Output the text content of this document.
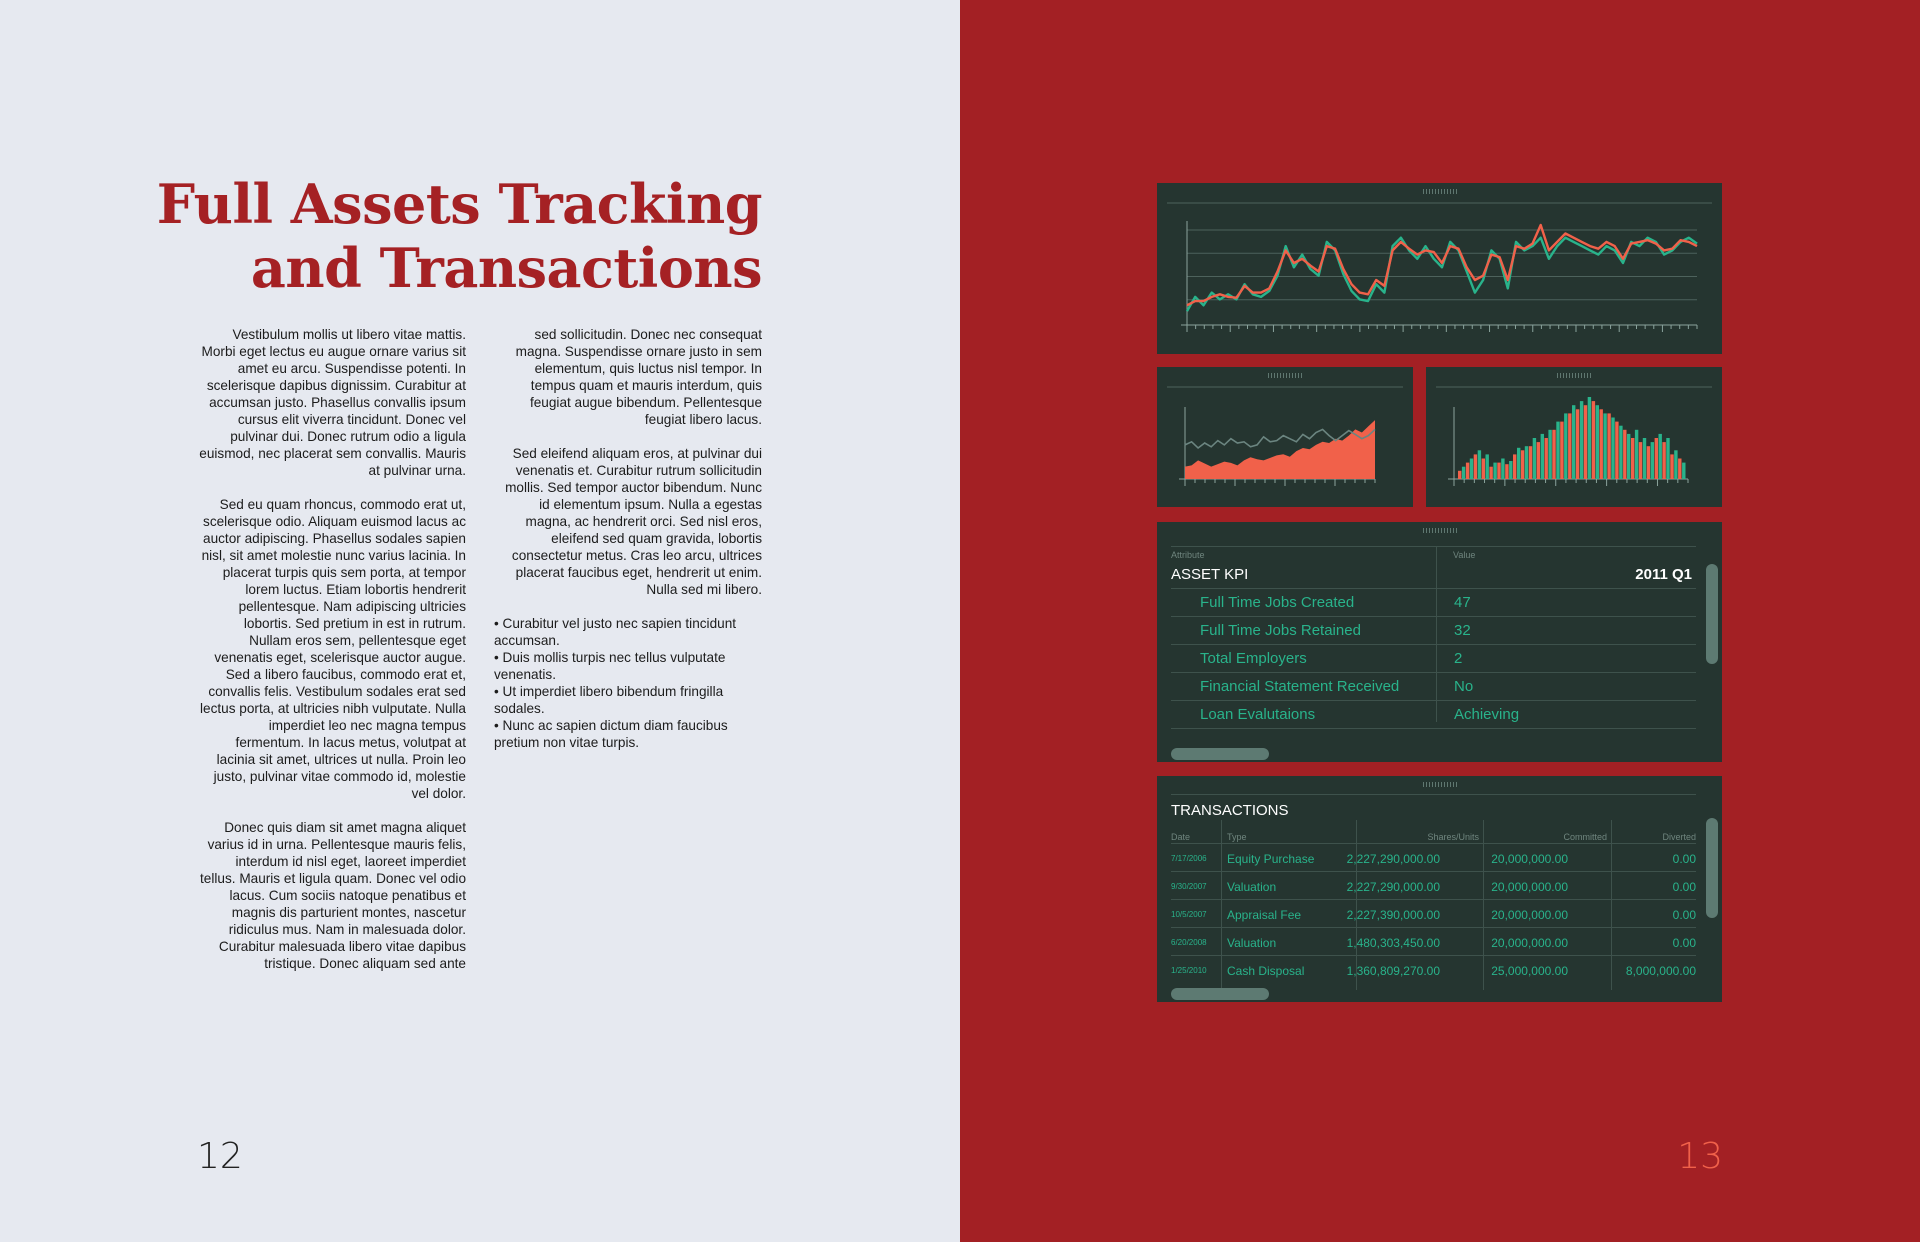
Full Assets Tracking
and Transactions

Vestibulum mollis ut libero vitae mattis. Morbi eget lectus eu augue ornare varius sit amet eu arcu. Suspendisse potenti. In scelerisque dapibus dignissim. Curabitur at accumsan justo. Phasellus convallis ipsum cursus elit viverra tincidunt. Donec vel pulvinar dui. Donec rutrum odio a ligula euismod, nec placerat sem convallis. Mauris at pulvinar urna.

Sed eu quam rhoncus, commodo erat ut, scelerisque odio. Aliquam euismod lacus ac auctor adipiscing. Phasellus sodales sapien nisl, sit amet molestie nunc varius lacinia. In placerat turpis quis sem porta, at tempor lorem luctus. Etiam lobortis hendrerit pellentesque. Nam adipiscing ultricies lobortis. Sed pretium in est in rutrum. Nullam eros sem, pellentesque eget venenatis eget, scelerisque auctor augue. Sed a libero faucibus, commodo erat et, convallis felis. Vestibulum sodales erat sed lectus porta, at ultricies nibh vulputate. Nulla imperdiet leo nec magna tempus fermentum. In lacus metus, volutpat at lacinia sit amet, ultrices ut nulla. Proin leo justo, pulvinar vitae commodo id, molestie vel dolor.

Donec quis diam sit amet magna aliquet varius id in urna. Pellentesque mauris felis, interdum id nisl eget, laoreet imperdiet tellus. Mauris et ligula quam. Donec vel odio lacus. Cum sociis natoque penatibus et magnis dis parturient montes, nascetur ridiculus mus. Nam in malesuada dolor. Curabitur malesuada libero vitae dapibus tristique. Donec aliquam sed ante

sed sollicitudin. Donec nec consequat magna. Suspendisse ornare justo in sem elementum, quis luctus nisl tempor. In tempus quam et mauris interdum, quis feugiat augue bibendum. Pellentesque feugiat libero lacus.

Sed eleifend aliquam eros, at pulvinar dui venenatis et. Curabitur rutrum sollicitudin mollis. Sed tempor auctor bibendum. Nunc id elementum ipsum. Nulla a egestas magna, ac hendrerit orci. Sed nisl eros, eleifend sed quam gravida, lobortis consectetur metus. Cras leo arcu, ultrices placerat faucibus eget, hendrerit ut enim. Nulla sed mi libero.

• Curabitur vel justo nec sapien tincidunt accumsan.
• Duis mollis turpis nec tellus vulputate venenatis.
• Ut imperdiet libero bibendum fringilla sodales.
• Nunc ac sapien dictum diam faucibus pretium non vitae turpis.
12
Attribute	Value
ASSET KPI	2011 Q1
Full Time Jobs Created	47
Full Time Jobs Retained	32
Total Employers	2
Financial Statement Received	No
Loan Evalutaions	Achieving
TRANSACTIONS
Date	Type	Shares/Units	Committed	Diverted
7/17/2006 Equity Purchase	2,227,290,000.00	20,000,000.00	0.00
9/30/2007 Valuation	2,227,290,000.00	20,000,000.00	0.00
10/5/2007 Appraisal Fee	2,227,390,000.00	20,000,000.00	0.00
6/20/2008 Valuation	1,480,303,450.00	20,000,000.00	0.00
1/25/2010 Cash Disposal	1,360,809,270.00	25,000,000.00	8,000,000.00
13
